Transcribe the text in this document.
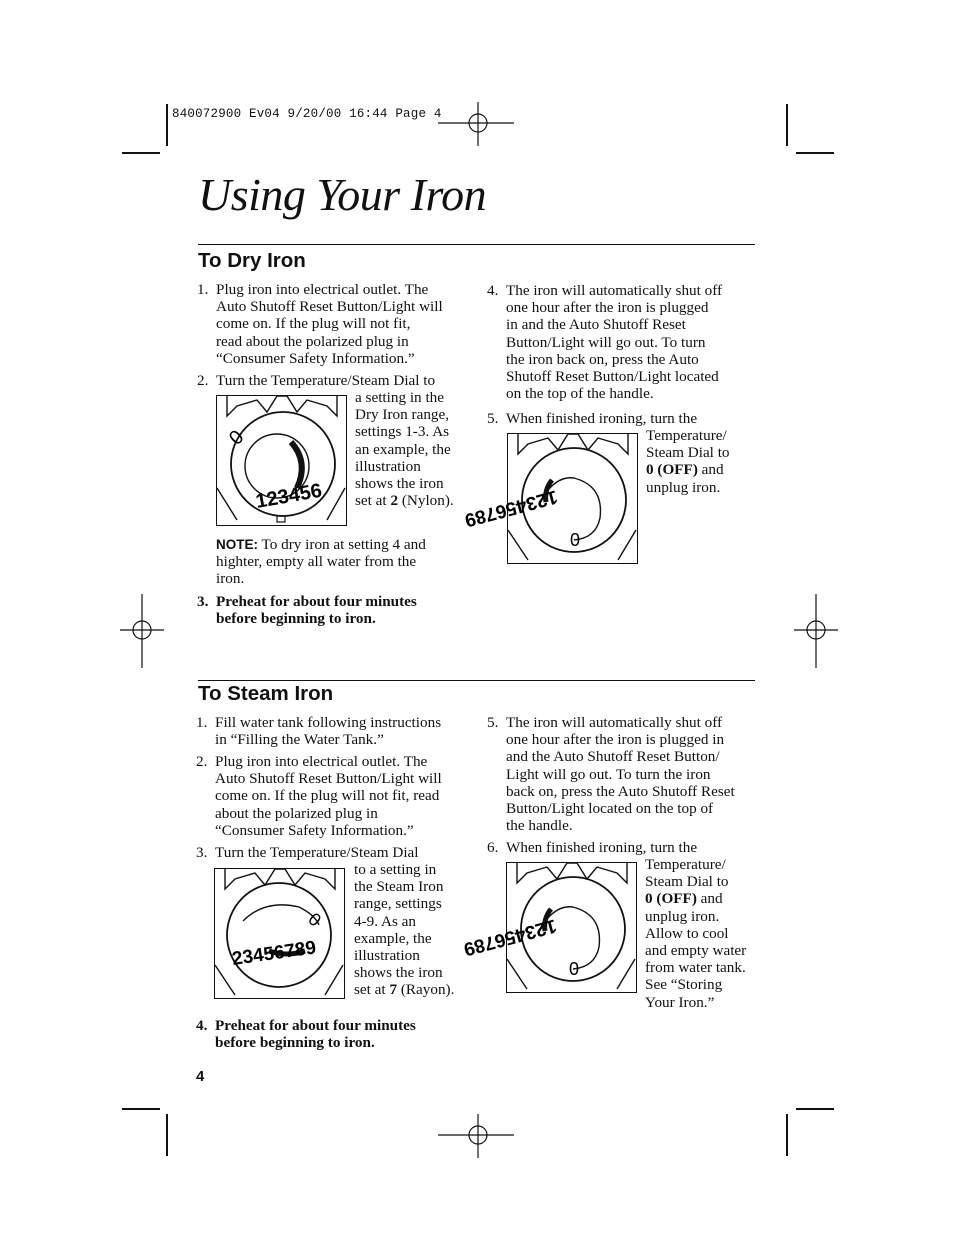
840072900 Ev04 9/20/00 16:44 Page 4
Using Your Iron
To Dry Iron
1. Plug iron into electrical outlet. The
Auto Shutoff Reset Button/Light will
come on. If the plug will not fit,
read about the polarized plug in
“Consumer Safety Information.”
2. Turn the Temperature/Steam Dial to
0
123456
a setting in the
Dry Iron range,
settings 1-3. As
an example, the
illustration
shows the iron
set at 2 (Nylon).
NOTE: To dry iron at setting 4 and
highter, empty all water from the
iron.
3. Preheat for about four minutes
before beginning to iron.
4. The iron will automatically shut off
one hour after the iron is plugged
in and the Auto Shutoff Reset
Button/Light will go out. To turn
the iron back on, press the Auto
Shutoff Reset Button/Light located
on the top of the handle.
5. When finished ironing, turn the
123456789
0
Temperature/
Steam Dial to
0 (OFF) and
unplug iron.
To Steam Iron
1. Fill water tank following instructions
in “Filling the Water Tank.”
2. Plug iron into electrical outlet. The
Auto Shutoff Reset Button/Light will
come on. If the plug will not fit, read
about the polarized plug in
“Consumer Safety Information.”
3. Turn the Temperature/Steam Dial
0
23456789
to a setting in
the Steam Iron
range, settings
4-9. As an
example, the
illustration
shows the iron
set at 7 (Rayon).
4. Preheat for about four minutes
before beginning to iron.
5. The iron will automatically shut off
one hour after the iron is plugged in
and the Auto Shutoff Reset Button/
Light will go out. To turn the iron
back on, press the Auto Shutoff Reset
Button/Light located on the top of
the handle.
6. When finished ironing, turn the
123456789
0
Temperature/
Steam Dial to
0 (OFF) and
unplug iron.
Allow to cool
and empty water
from water tank.
See “Storing
Your Iron.”
4
